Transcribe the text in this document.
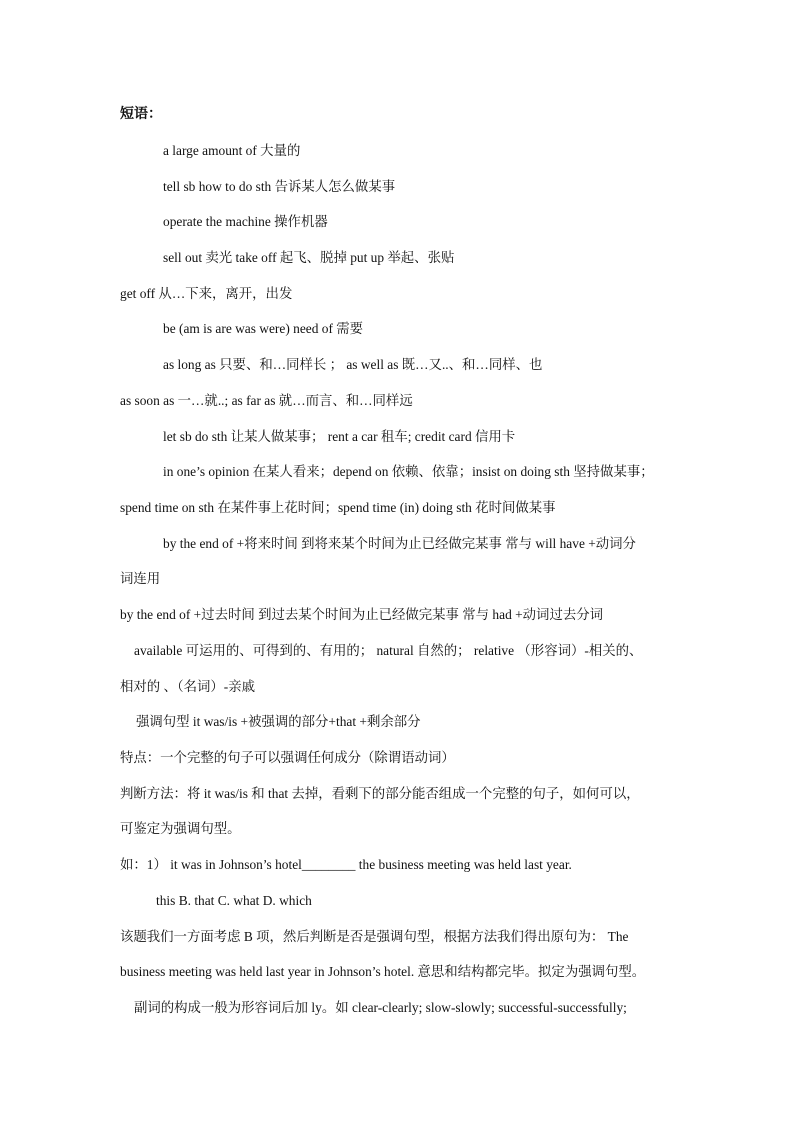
短语：
a large amount of 大量的
tell sb how to do sth 告诉某人怎么做某事
operate the machine 操作机器
sell out 卖光 take off 起飞、脱掉 put up 举起、张贴
get off 从…下来，离开，出发
be (am is are was were) need of 需要
as long as 只要、和…同样长 ； as well as 既…又..、和…同样、也
as soon as 一…就..; as far as 就…而言、和…同样远
let sb do sth 让某人做某事； rent a car 租车; credit card 信用卡
in one’s opinion 在某人看来；depend on 依赖、依靠；insist on doing sth 坚持做某事；
spend time on sth 在某件事上花时间；spend time (in) doing sth 花时间做某事
by the end of +将来时间 到将来某个时间为止已经做完某事 常与 will have +动词分
词连用
by the end of +过去时间 到过去某个时间为止已经做完某事 常与 had +动词过去分词
available 可运用的、可得到的、有用的； natural 自然的； relative （形容词）-相关的、
相对的 、（名词）-亲戚
强调句型 it was/is +被强调的部分+that +剩余部分
特点：一个完整的句子可以强调任何成分（除谓语动词）
判断方法：将 it was/is 和 that 去掉，看剩下的部分能否组成一个完整的句子，如何可以，
可鉴定为强调句型。
如：1） it was in Johnson’s hotel________ the business meeting was held last year.
this B. that C. what D. which
该题我们一方面考虑 B 项，然后判断是否是强调句型，根据方法我们得出原句为： The
business meeting was held last year in Johnson’s hotel. 意思和结构都完毕。拟定为强调句型。
副词的构成一般为形容词后加 ly。如 clear-clearly; slow-slowly; successful-successfully;
